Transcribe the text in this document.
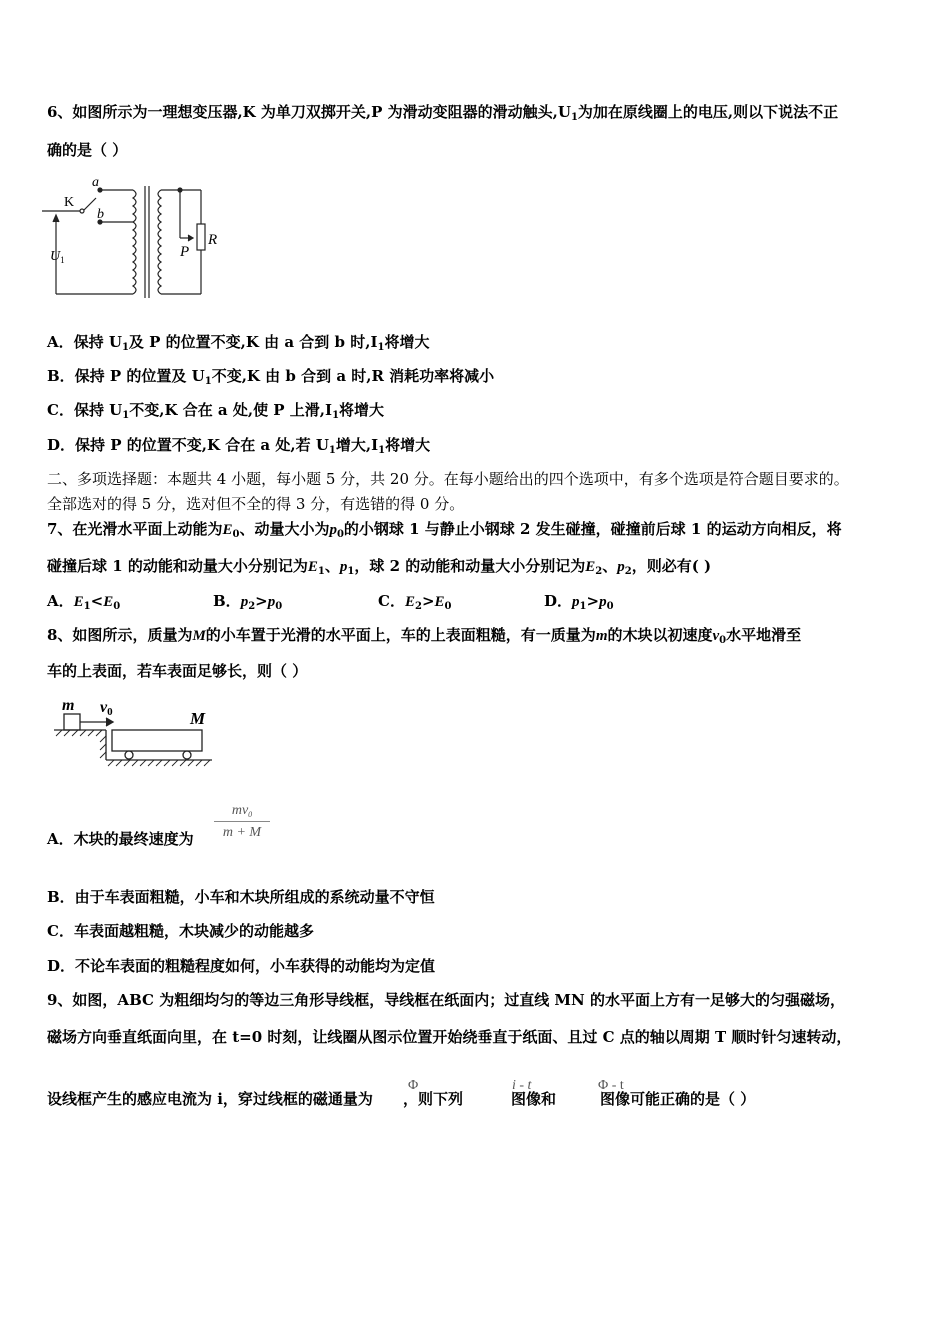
6、如图所示为一理想变压器,K 为单刀双掷开关,P 为滑动变阻器的滑动触头$,U_1$为加在原线圈上的电压,则以下说法不正
确的是（ ）
K
a
b
$U_1$	P
R
A．保持 $U_1$及 P 的位置不变,K 由 a 合到 b 时$,I_1$将增大
B．保持 P 的位置及 $U_1$不变,K 由 b 合到 a 时,R 消耗功率将减小
C．保持 $U_1$不变,K 合在 a 处,使 P 上滑$,I_1$将增大
D．保持 P 的位置不变,K 合在 a 处,若 $U_1$增大$,I_1$将增大
二、多项选择题：本题共 4 小题，每小题 5 分，共 20 分。在每小题给出的四个选项中，有多个选项是符合题目要求的。
全部选对的得 5 分，选对但不全的得 3 分，有选错的得 0 分。
7、在光滑水平面上动能为$E_0$、动量大小为$p_0$的小钢球 1 与静止小钢球 2 发生碰撞，碰撞前后球 1 的运动方向相反，将
碰撞后球 1 的动能和动量大小分别记为$E_1$、$p_1$，球 2 的动能和动量大小分别记为$E_2$、$p_2$，则必有( )
A．$E_1<E_0$	B．$p_2>p_0$	C．$E_2>E_0$	D．$p_1>p_0$
8、如图所示，质量为M的小车置于光滑的水平面上，车的上表面粗糙，有一质量为m的木块以初速度$v_0$水平地滑至
车的上表面，若车表面足够长，则（ ）
m v0	M
A．木块的最终速度为 $\frac{mv_0}{m + M}$
B．由于车表面粗糙，小车和木块所组成的系统动量不守恒
C．车表面越粗糙，木块减少的动能越多
D．不论车表面的粗糙程度如何，小车获得的动能均为定值
9、如图，ABC 为粗细均匀的等边三角形导线框，导线框在纸面内；过直线 MN 的水平面上方有一足够大的匀强磁场，
磁场方向垂直纸面向里，在 t=0 时刻，让线圈从图示位置开始绕垂直于纸面、且过 C 点的轴以周期 T 顺时针匀速转动，
设线框产生的感应电流为 i，穿过线框的磁通量为 ，则下列	图像和	图像可能正确的是（ ）
Φ	i - t	Φ - t
